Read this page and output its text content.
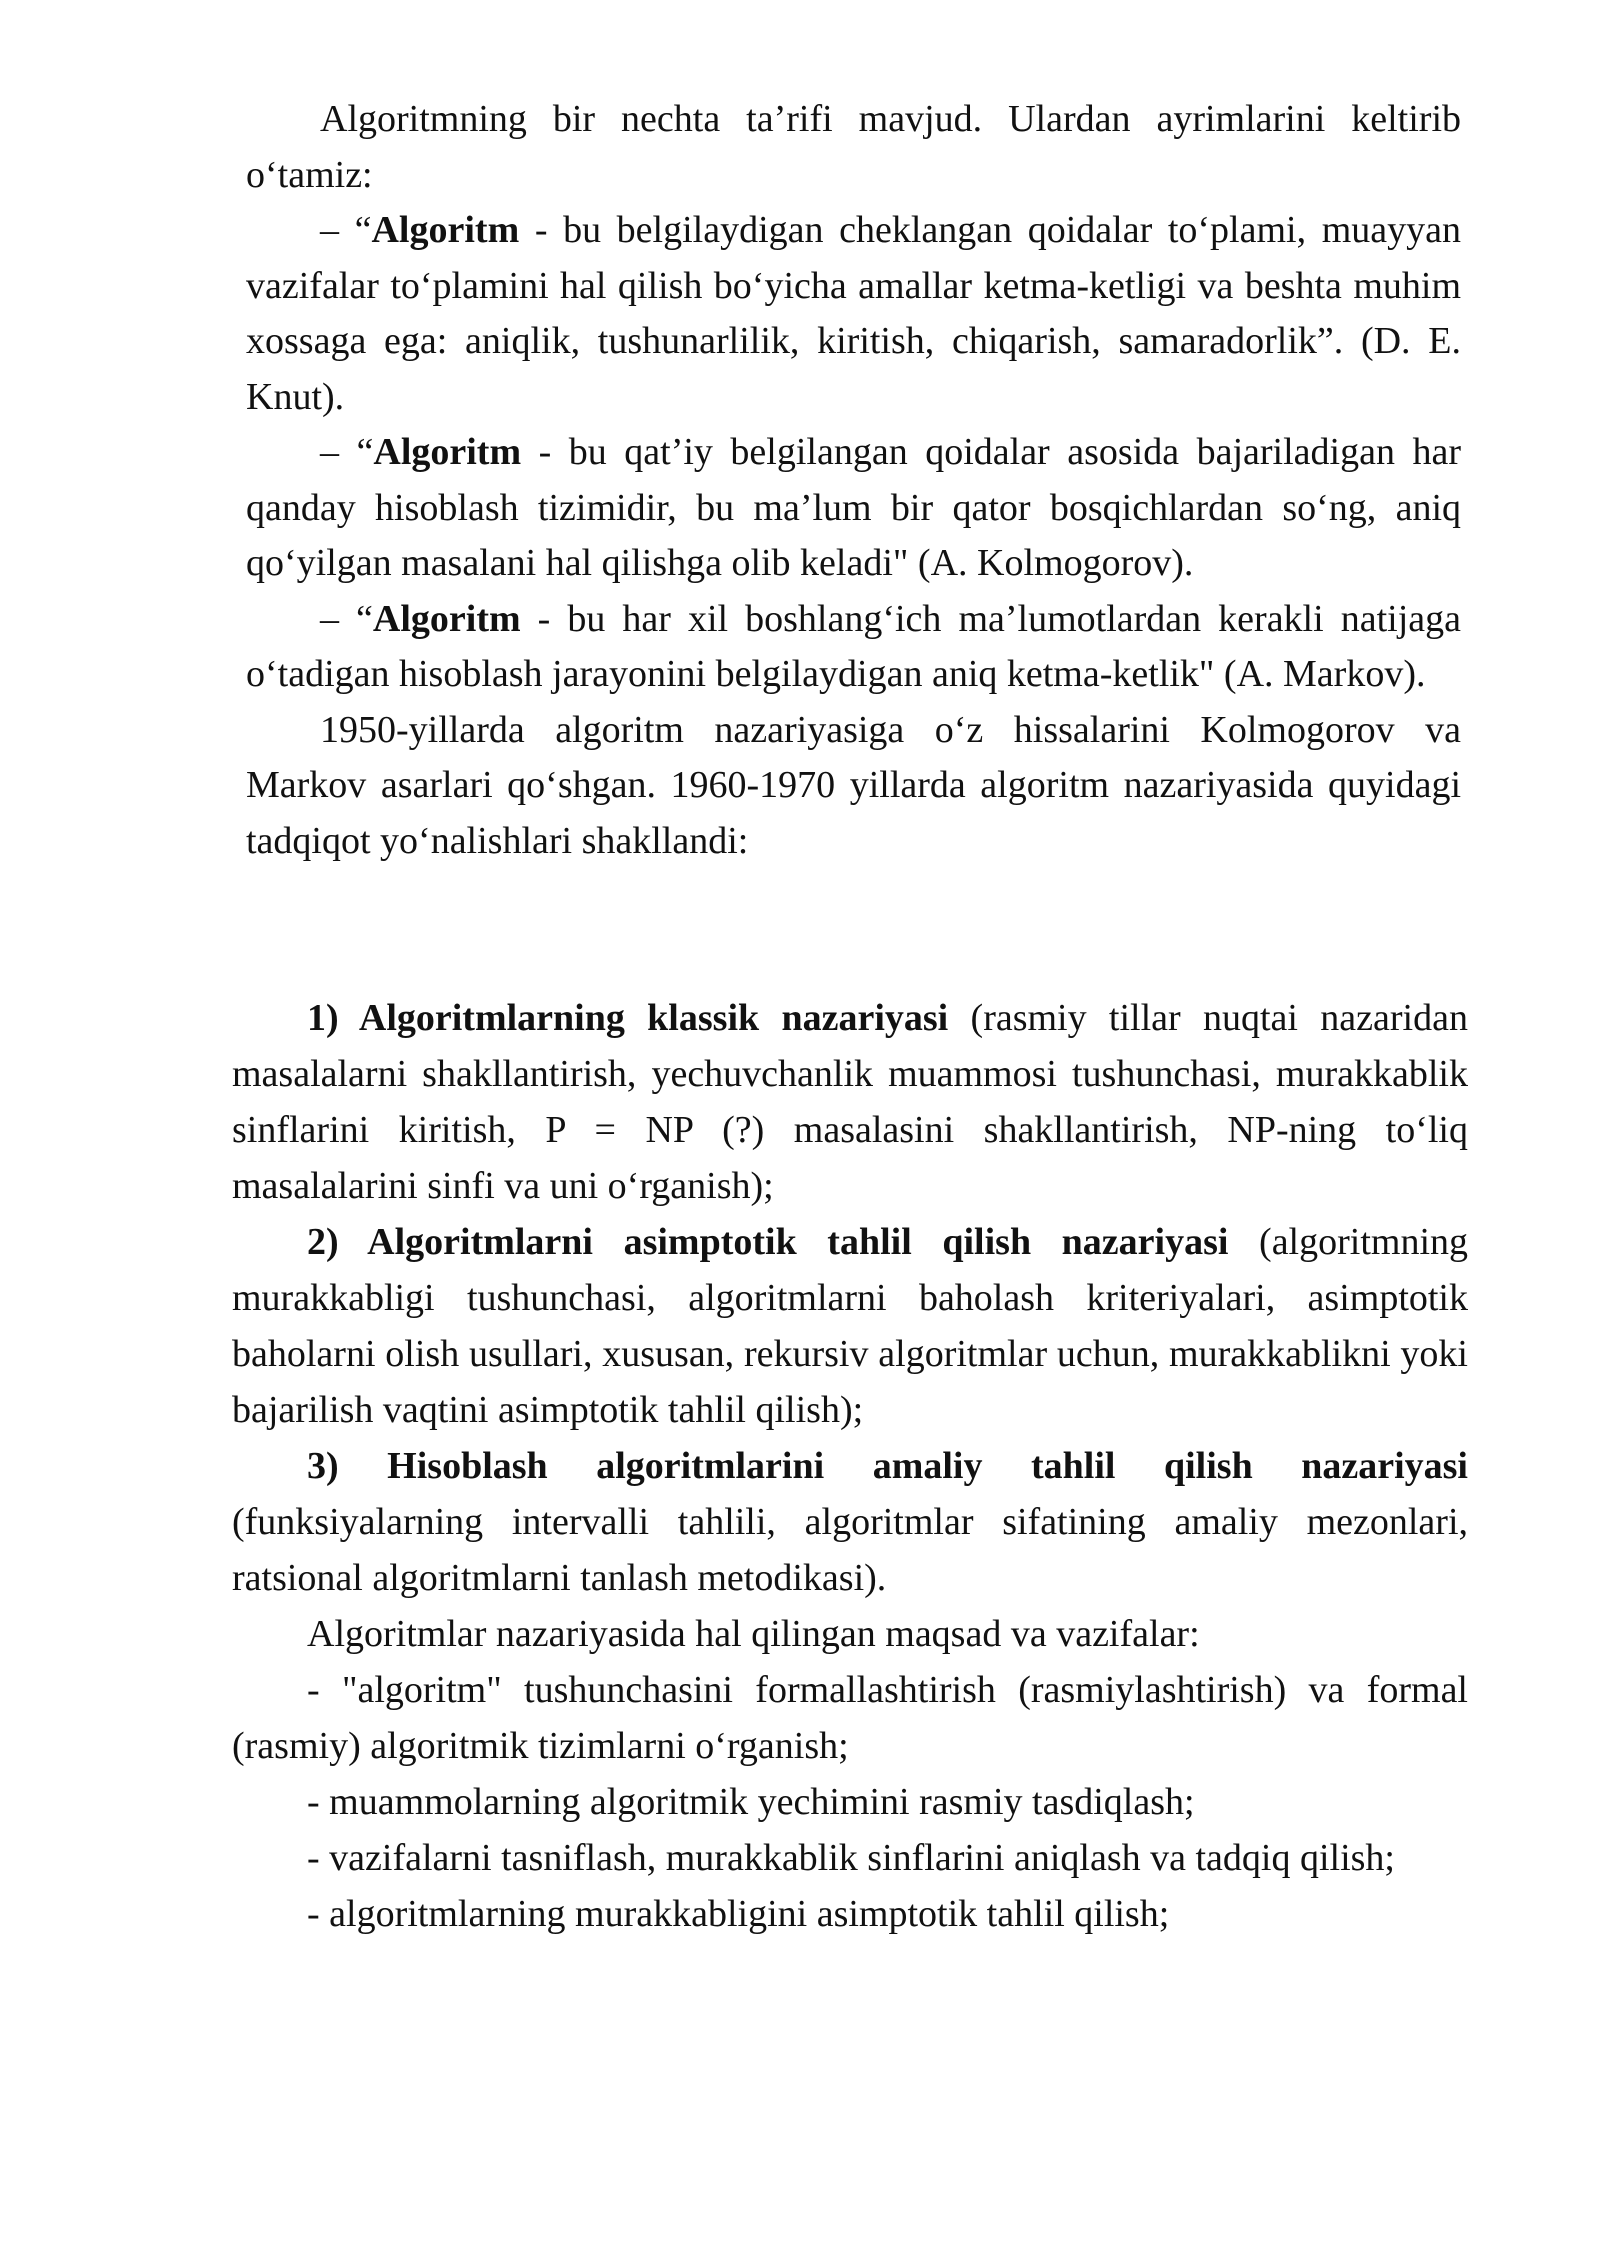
Algoritmning bir nechta ta’rifi mavjud. Ulardan ayrimlarini keltirib o‘tamiz:

– “Algoritm - bu belgilaydigan cheklangan qoidalar to‘plami, muayyan vazifalar to‘plamini hal qilish bo‘yicha amallar ketma-ketligi va beshta muhim xossaga ega: aniqlik, tushunarlilik, kiritish, chiqarish, samaradorlik”. (D. E. Knut).

– “Algoritm - bu qat’iy belgilangan qoidalar asosida bajariladigan har qanday hisoblash tizimidir, bu ma’lum bir qator bosqichlardan so‘ng, aniq qo‘yilgan masalani hal qilishga olib keladi" (A. Kolmogorov).

– “Algoritm - bu har xil boshlang‘ich ma’lumotlardan kerakli natijaga o‘tadigan hisoblash jarayonini belgilaydigan aniq ketma-ketlik" (A. Markov).

1950-yillarda algoritm nazariyasiga o‘z hissalarini Kolmogorov va Markov asarlari qo‘shgan. 1960-1970 yillarda algoritm nazariyasida quyidagi tadqiqot yo‘nalishlari shakllandi:

1) Algoritmlarning klassik nazariyasi (rasmiy tillar nuqtai nazaridan masalalarni shakllantirish, yechuvchanlik muammosi tushunchasi, murakkablik sinflarini kiritish, P = NP (?) masalasini shakllantirish, NP-ning to‘liq masalalarini sinfi va uni o‘rganish);

2) Algoritmlarni asimptotik tahlil qilish nazariyasi (algoritmning murakkabligi tushunchasi, algoritmlarni baholash kriteriyalari, asimptotik baholarni olish usullari, xususan, rekursiv algoritmlar uchun, murakkablikni yoki bajarilish vaqtini asimptotik tahlil qilish);

3) Hisoblash algoritmlarini amaliy tahlil qilish nazariyasi (funksiyalarning intervalli tahlili, algoritmlar sifatining amaliy mezonlari, ratsional algoritmlarni tanlash metodikasi).

Algoritmlar nazariyasida hal qilingan maqsad va vazifalar:

- "algoritm" tushunchasini formallashtirish (rasmiylashtirish) va formal (rasmiy) algoritmik tizimlarni o‘rganish;

- muammolarning algoritmik yechimini rasmiy tasdiqlash;

- vazifalarni tasniflash, murakkablik sinflarini aniqlash va tadqiq qilish;

- algoritmlarning murakkabligini asimptotik tahlil qilish;
